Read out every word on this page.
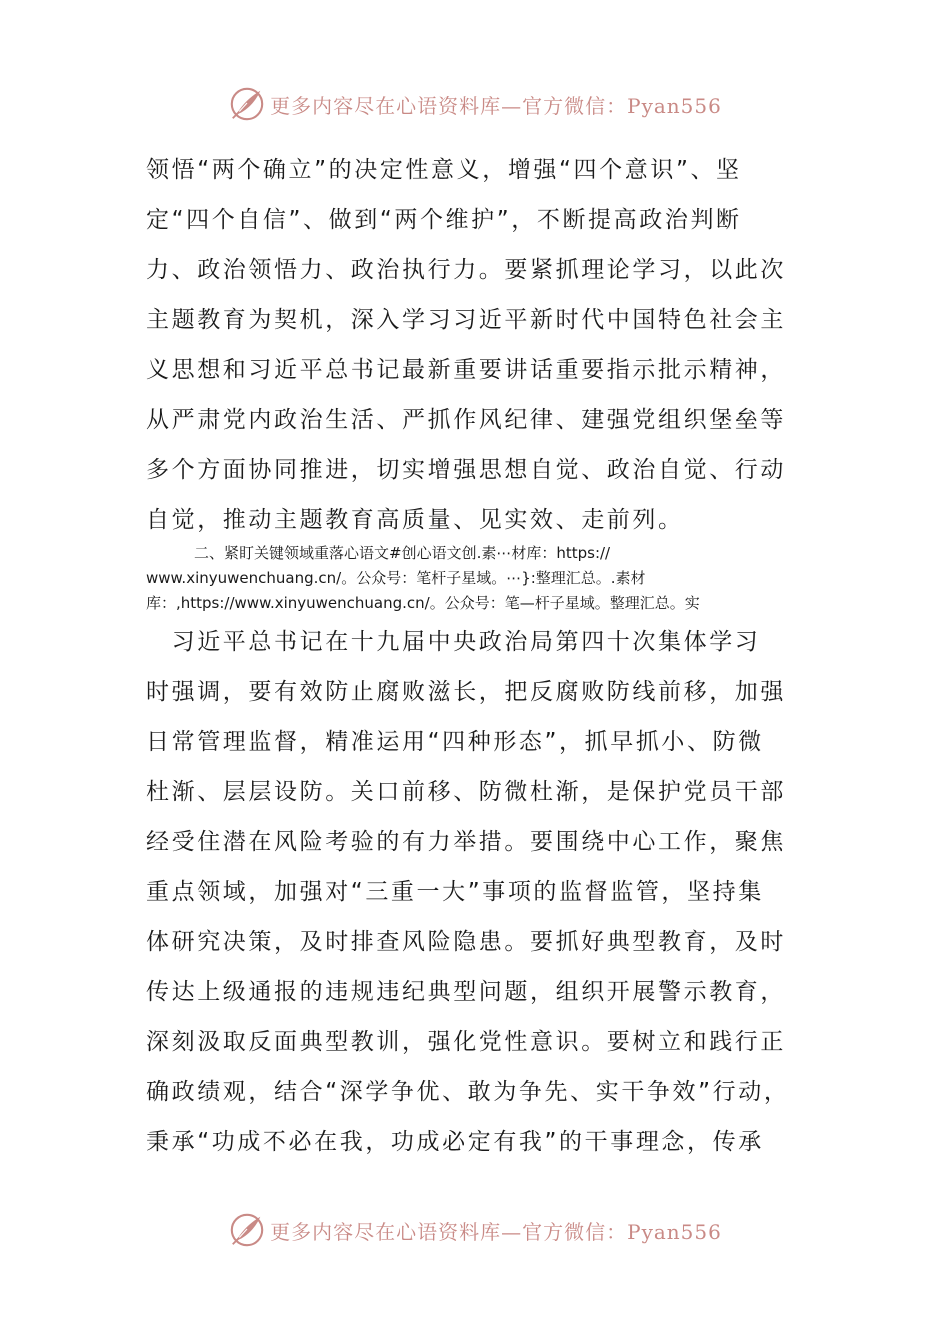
更多内容尽在心语资料库—官方微信：Pyan556
领悟“两个确立”的决定性意义，增强“四个意识”、坚
定“四个自信”、做到“两个维护”，不断提高政治判断
力、政治领悟力、政治执行力。要紧抓理论学习，以此次
主题教育为契机，深入学习习近平新时代中国特色社会主
义思想和习近平总书记最新重要讲话重要指示批示精神，
从严肃党内政治生活、严抓作风纪律、建强党组织堡垒等
多个方面协同推进，切实增强思想自觉、政治自觉、行动
自觉，推动主题教育高质量、见实效、走前列。
二、紧盯关键领域重落心语文#创心语文创.素⋯材库：https://
www.xinyuwenchuang.cn/。公众号：笔杆子星域。⋯}:整理汇总。.素材
库：,https://www.xinyuwenchuang.cn/。公众号：笔—杆子星域。整理汇总。实
　习近平总书记在十九届中央政治局第四十次集体学习
时强调，要有效防止腐败滋长，把反腐败防线前移，加强
日常管理监督，精准运用“四种形态”，抓早抓小、防微
杜渐、层层设防。关口前移、防微杜渐，是保护党员干部
经受住潜在风险考验的有力举措。要围绕中心工作，聚焦
重点领域，加强对“三重一大”事项的监督监管，坚持集
体研究决策，及时排查风险隐患。要抓好典型教育，及时
传达上级通报的违规违纪典型问题，组织开展警示教育，
深刻汲取反面典型教训，强化党性意识。要树立和践行正
确政绩观，结合“深学争优、敢为争先、实干争效”行动，
秉承“功成不必在我，功成必定有我”的干事理念，传承
更多内容尽在心语资料库—官方微信：Pyan556
